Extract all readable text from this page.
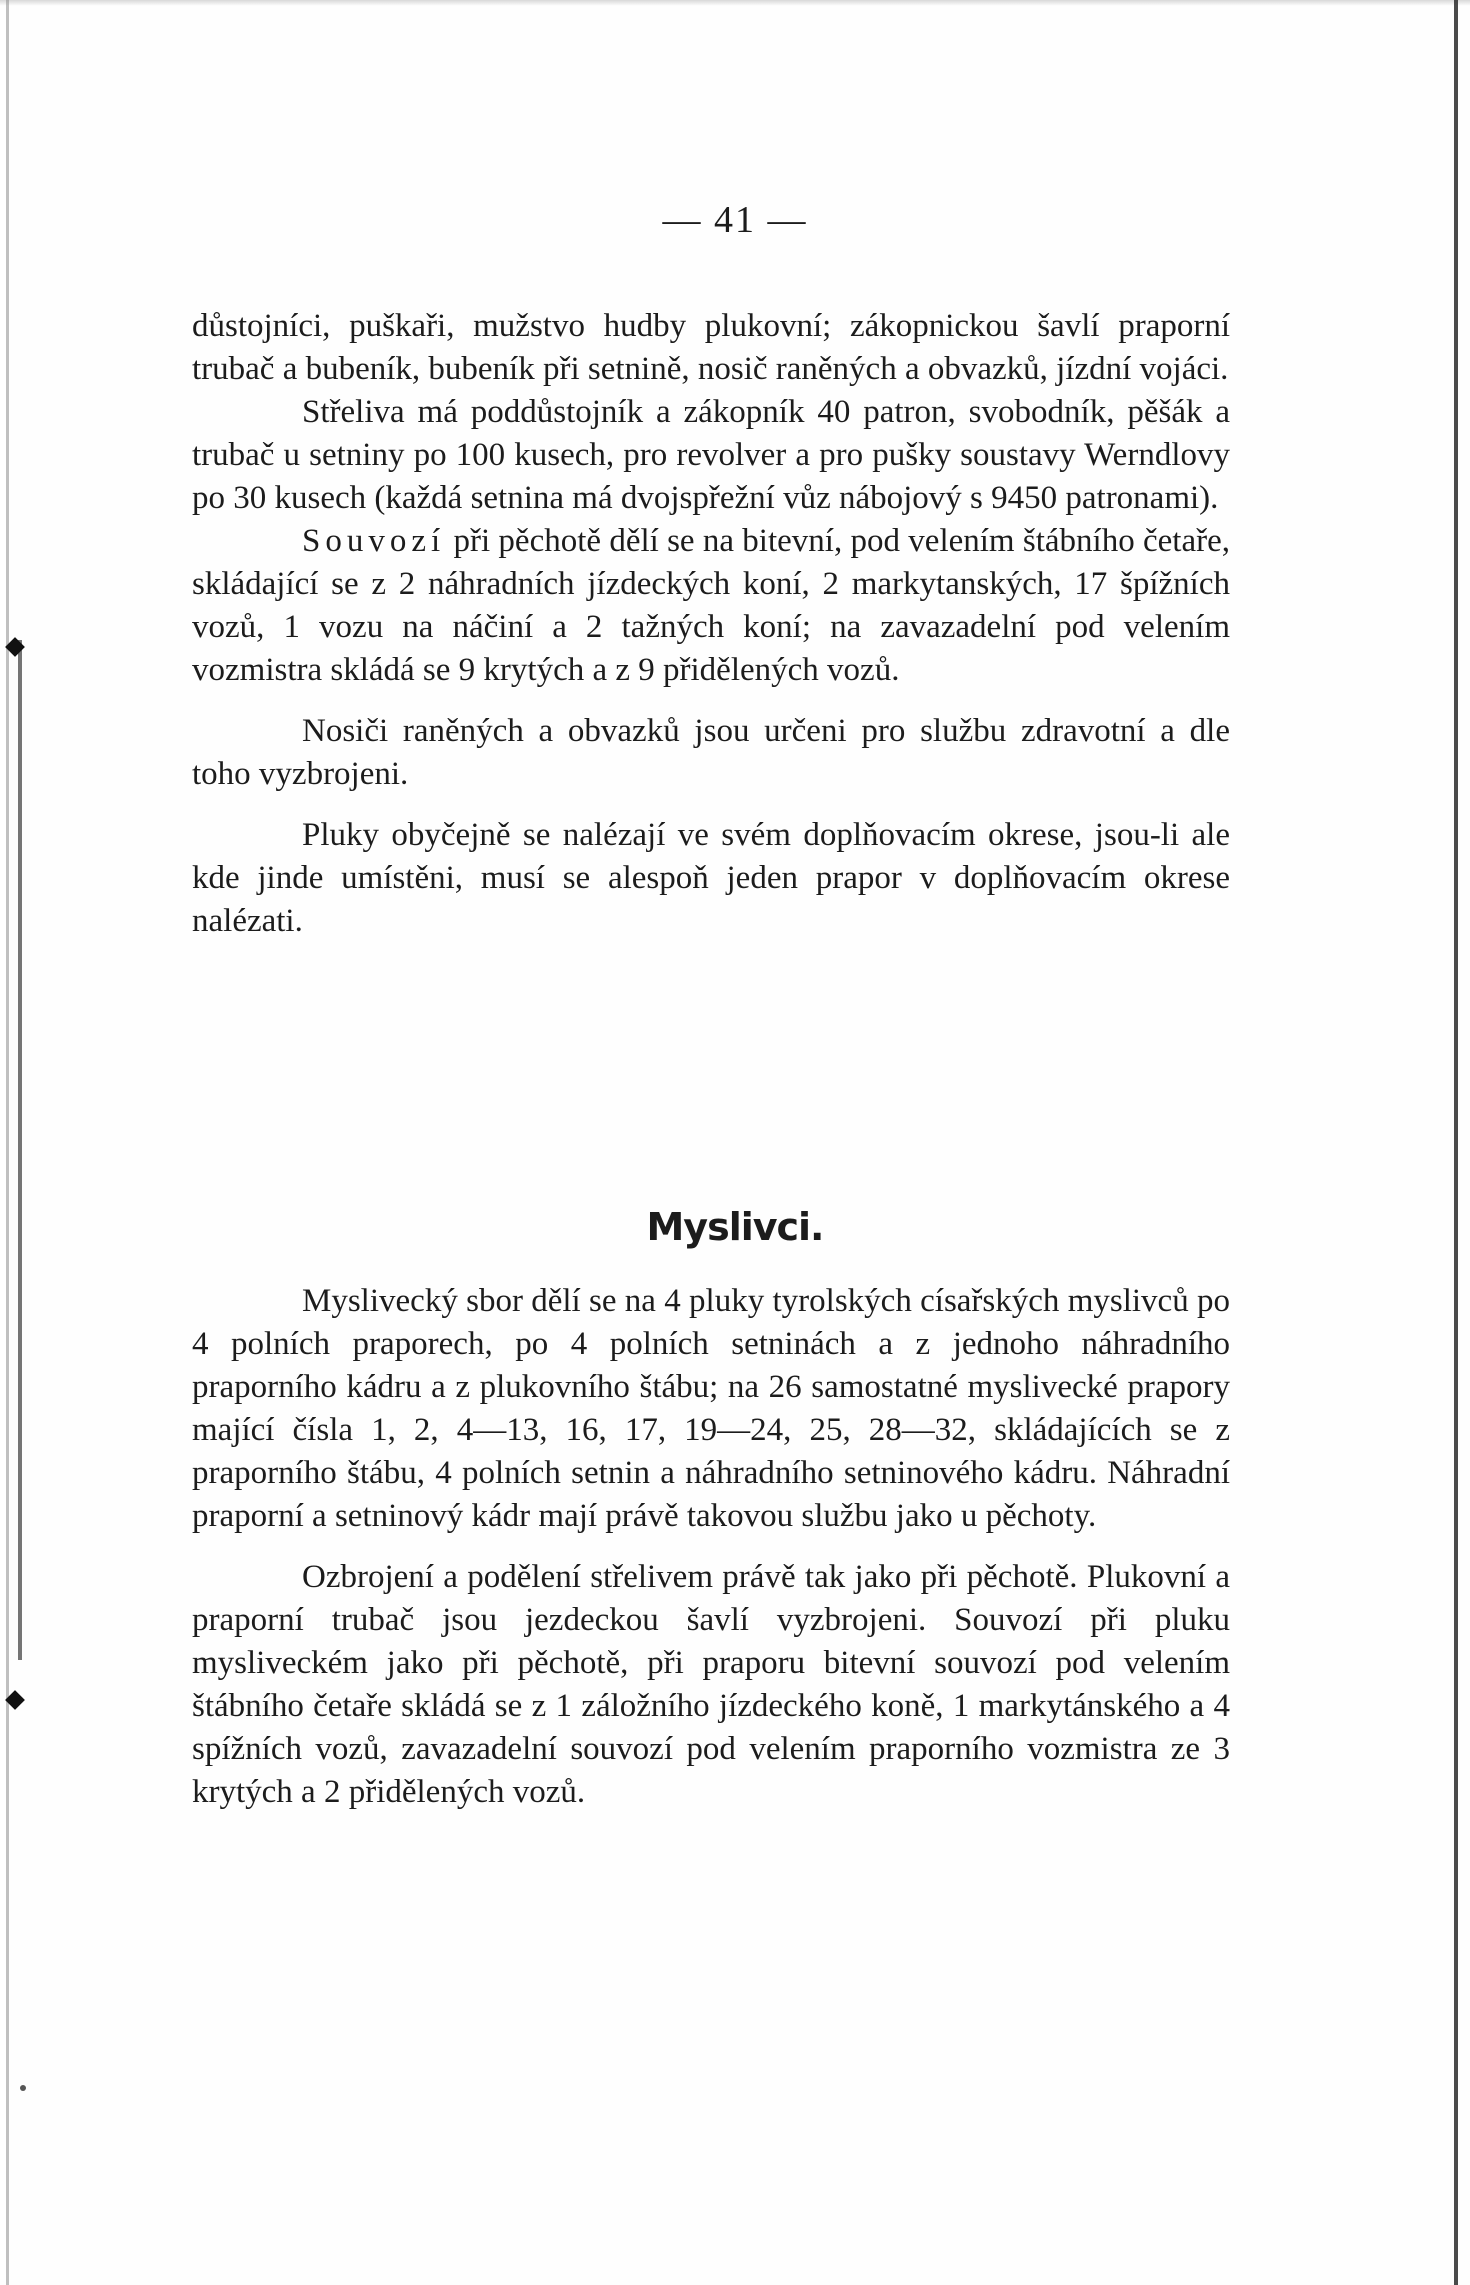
— 41 —

důstojníci, puškaři, mužstvo hudby plukovní; zákopnickou šavlí praporní trubač a bubeník, bubeník při setnině, nosič raněných a obvazků, jízdní vojáci.

Střeliva má poddůstojník a zákopník 40 patron, svobodník, pěšák a trubač u setniny po 100 kusech, pro revolver a pro pušky soustavy Werndlovy po 30 kusech (každá setnina má dvojspřežní vůz nábojový s 9450 patronami).

Souvozí při pěchotě dělí se na bitevní, pod velením štábního četaře, skládající se z 2 náhradních jízdeckých koní, 2 markytanských, 17 špížních vozů, 1 vozu na náčiní a 2 tažných koní; na zavazadelní pod velením vozmistra skládá se 9 krytých a z 9 přidělených vozů.

Nosiči raněných a obvazků jsou určeni pro službu zdravotní a dle toho vyzbrojeni.

Pluky obyčejně se nalézají ve svém doplňovacím okrese, jsou-li ale kde jinde umístěni, musí se alespoň jeden prapor v doplňovacím okrese nalézati.

Myslivci.

Myslivecký sbor dělí se na 4 pluky tyrolských císařských myslivců po 4 polních praporech, po 4 polních setninách a z jednoho náhradního praporního kádru a z plukovního štábu; na 26 samostatné myslivecké prapory mající čísla 1, 2, 4—13, 16, 17, 19—24, 25, 28—32, skládajících se z praporního štábu, 4 polních setnin a náhradního setninového kádru. Náhradní praporní a setninový kádr mají právě takovou službu jako u pěchoty.

Ozbrojení a podělení střelivem právě tak jako při pěchotě. Plukovní a praporní trubač jsou jezdeckou šavlí vyzbrojeni. Souvozí při pluku mysliveckém jako při pěchotě, při praporu bitevní souvozí pod velením štábního četaře skládá se z 1 záložního jízdeckého koně, 1 markytánského a 4 spížních vozů, zavazadelní souvozí pod velením praporního vozmistra ze 3 krytých a 2 přidělených vozů.
